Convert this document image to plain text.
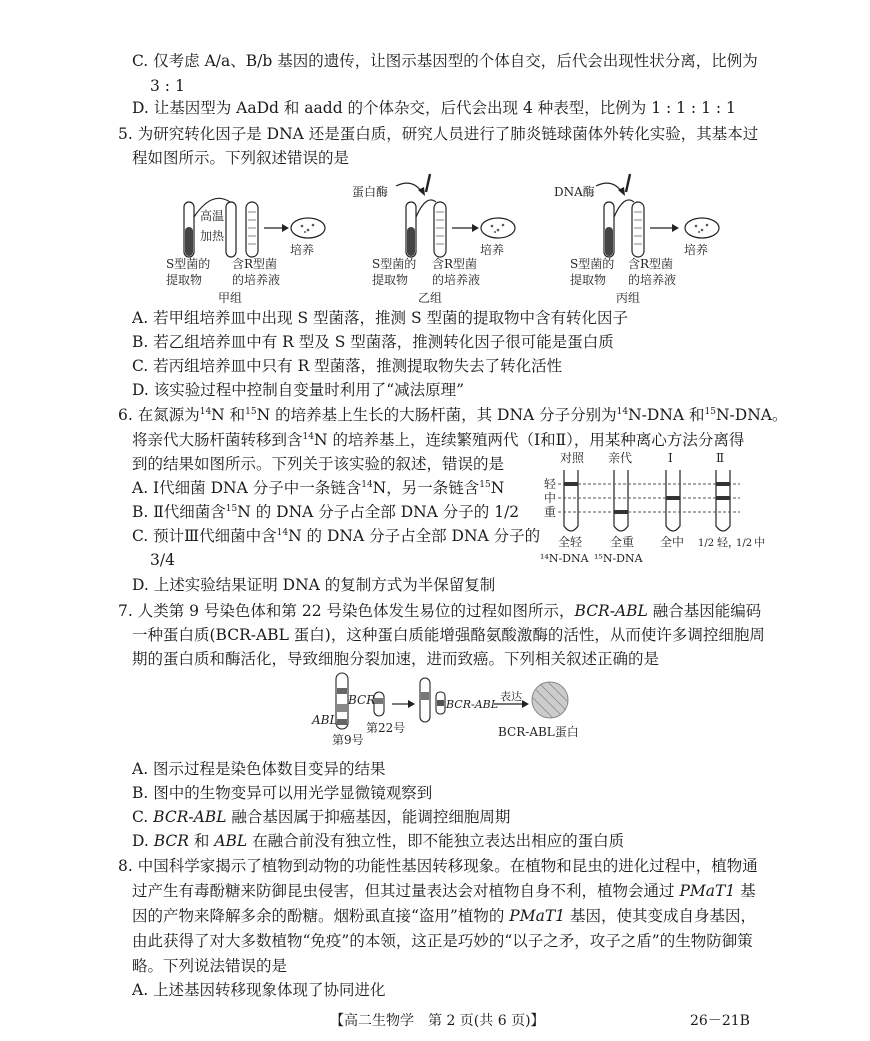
C. 仅考虑 A/a、B/b 基因的遗传，让图示基因型的个体自交，后代会出现性状分离，比例为
3 : 1
D. 让基因型为 AaDd 和 aadd 的个体杂交，后代会出现 4 种表型，比例为 1 : 1 : 1 : 1
5. 为研究转化因子是 DNA 还是蛋白质，研究人员进行了肺炎链球菌体外转化实验，其基本过
程如图所示。下列叙述错误的是
高温
加热
培养
S型菌的
提取物
含R型菌
的培养液
甲组
蛋白酶
培养
S型菌的
提取物
含R型菌
的培养液
乙组
DNA酶
培养
S型菌的
提取物
含R型菌
的培养液
丙组
A. 若甲组培养皿中出现 S 型菌落，推测 S 型菌的提取物中含有转化因子
B. 若乙组培养皿中有 R 型及 S 型菌落，推测转化因子很可能是蛋白质
C. 若丙组培养皿中只有 R 型菌落，推测提取物失去了转化活性
D. 该实验过程中控制自变量时利用了“减法原理”
6. 在氮源为$^{14}$N 和$^{15}$N 的培养基上生长的大肠杆菌，其 DNA 分子分别为$^{14}$N-DNA 和$^{15}$N-DNA。
将亲代大肠杆菌转移到含$^{14}$N 的培养基上，连续繁殖两代（Ⅰ和Ⅱ），用某种离心方法分离得
到的结果如图所示。下列关于该实验的叙述，错误的是
A. Ⅰ代细菌 DNA 分子中一条链含$^{14}$N，另一条链含$^{15}$N
B. Ⅱ代细菌含$^{15}$N 的 DNA 分子占全部 DNA 分子的 1/2
C. 预计Ⅲ代细菌中含$^{14}$N 的 DNA 分子占全部 DNA 分子的
3/4
D. 上述实验结果证明 DNA 的复制方式为半保留复制
对照 亲代	Ⅰ	Ⅱ
轻
中
重
全轻 全重 全中 1/2 轻，
1/2 中
¹⁴N-DNA ¹⁵N-DNA
7. 人类第 9 号染色体和第 22 号染色体发生易位的过程如图所示，BCR-ABL 融合基因能编码
一种蛋白质(BCR-ABL 蛋白)，这种蛋白质能增强酪氨酸激酶的活性，从而使许多调控细胞周
期的蛋白质和酶活化，导致细胞分裂加速，进而致癌。下列相关叙述正确的是
ABL
第9号
BCR
第22号
BCR-ABL
表达
BCR-ABL蛋白
A. 图示过程是染色体数目变异的结果
B. 图中的生物变异可以用光学显微镜观察到
C. BCR-ABL 融合基因属于抑癌基因，能调控细胞周期
D. BCR 和 ABL 在融合前没有独立性，即不能独立表达出相应的蛋白质
8. 中国科学家揭示了植物到动物的功能性基因转移现象。在植物和昆虫的进化过程中，植物通
过产生有毒酚糖来防御昆虫侵害，但其过量表达会对植物自身不利，植物会通过 PMaT1 基
因的产物来降解多余的酚糖。烟粉虱直接“盗用”植物的 PMaT1 基因，使其变成自身基因，
由此获得了对大多数植物“免疫”的本领，这正是巧妙的“以子之矛，攻子之盾”的生物防御策
略。下列说法错误的是
A. 上述基因转移现象体现了协同进化
【高二生物学　第 2 页(共 6 页)】	26－21B
